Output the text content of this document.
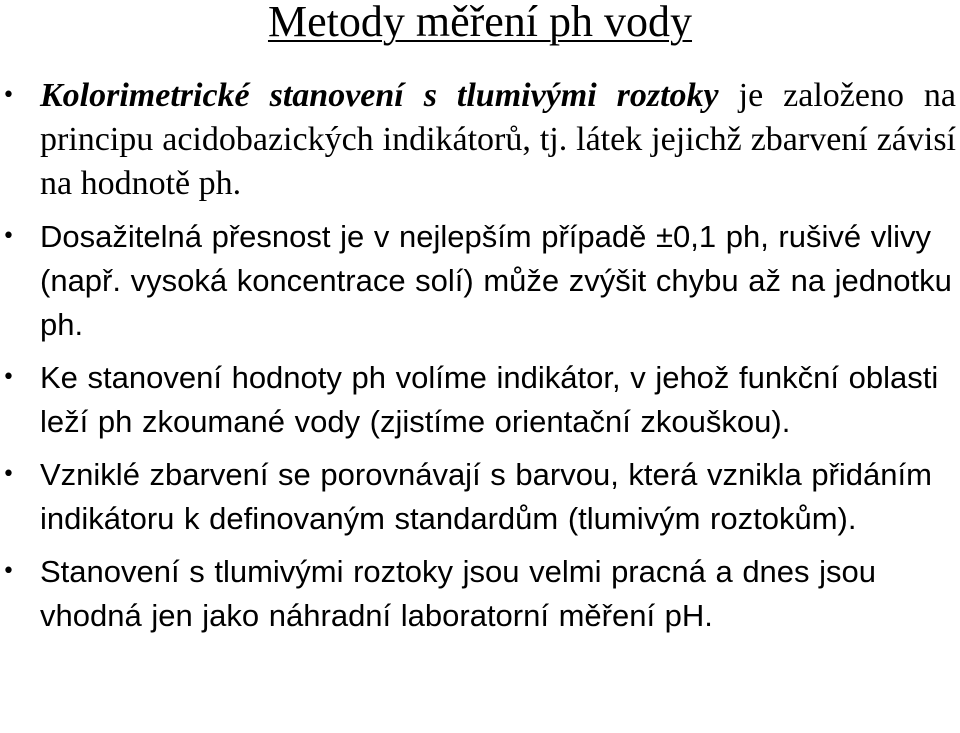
Metody měření ph vody
• Kolorimetrické stanovení s tlumivými roztoky je založeno na principu acidobazických indikátorů, tj. látek jejichž zbarvení závisí na hodnotě ph.
• Dosažitelná přesnost je v nejlepším případě ±0,1 ph, rušivé vlivy (např. vysoká koncentrace solí) může zvýšit chybu až na jednotku ph.
• Ke stanovení hodnoty ph volíme indikátor, v jehož funkční oblasti leží ph zkoumané vody (zjistíme orientační zkouškou).
• Vzniklé zbarvení se porovnávají s barvou, která vznikla přidáním indikátoru k definovaným standardům (tlumivým roztokům).
• Stanovení s tlumivými roztoky jsou velmi pracná a dnes jsou vhodná jen jako náhradní laboratorní měření pH.
